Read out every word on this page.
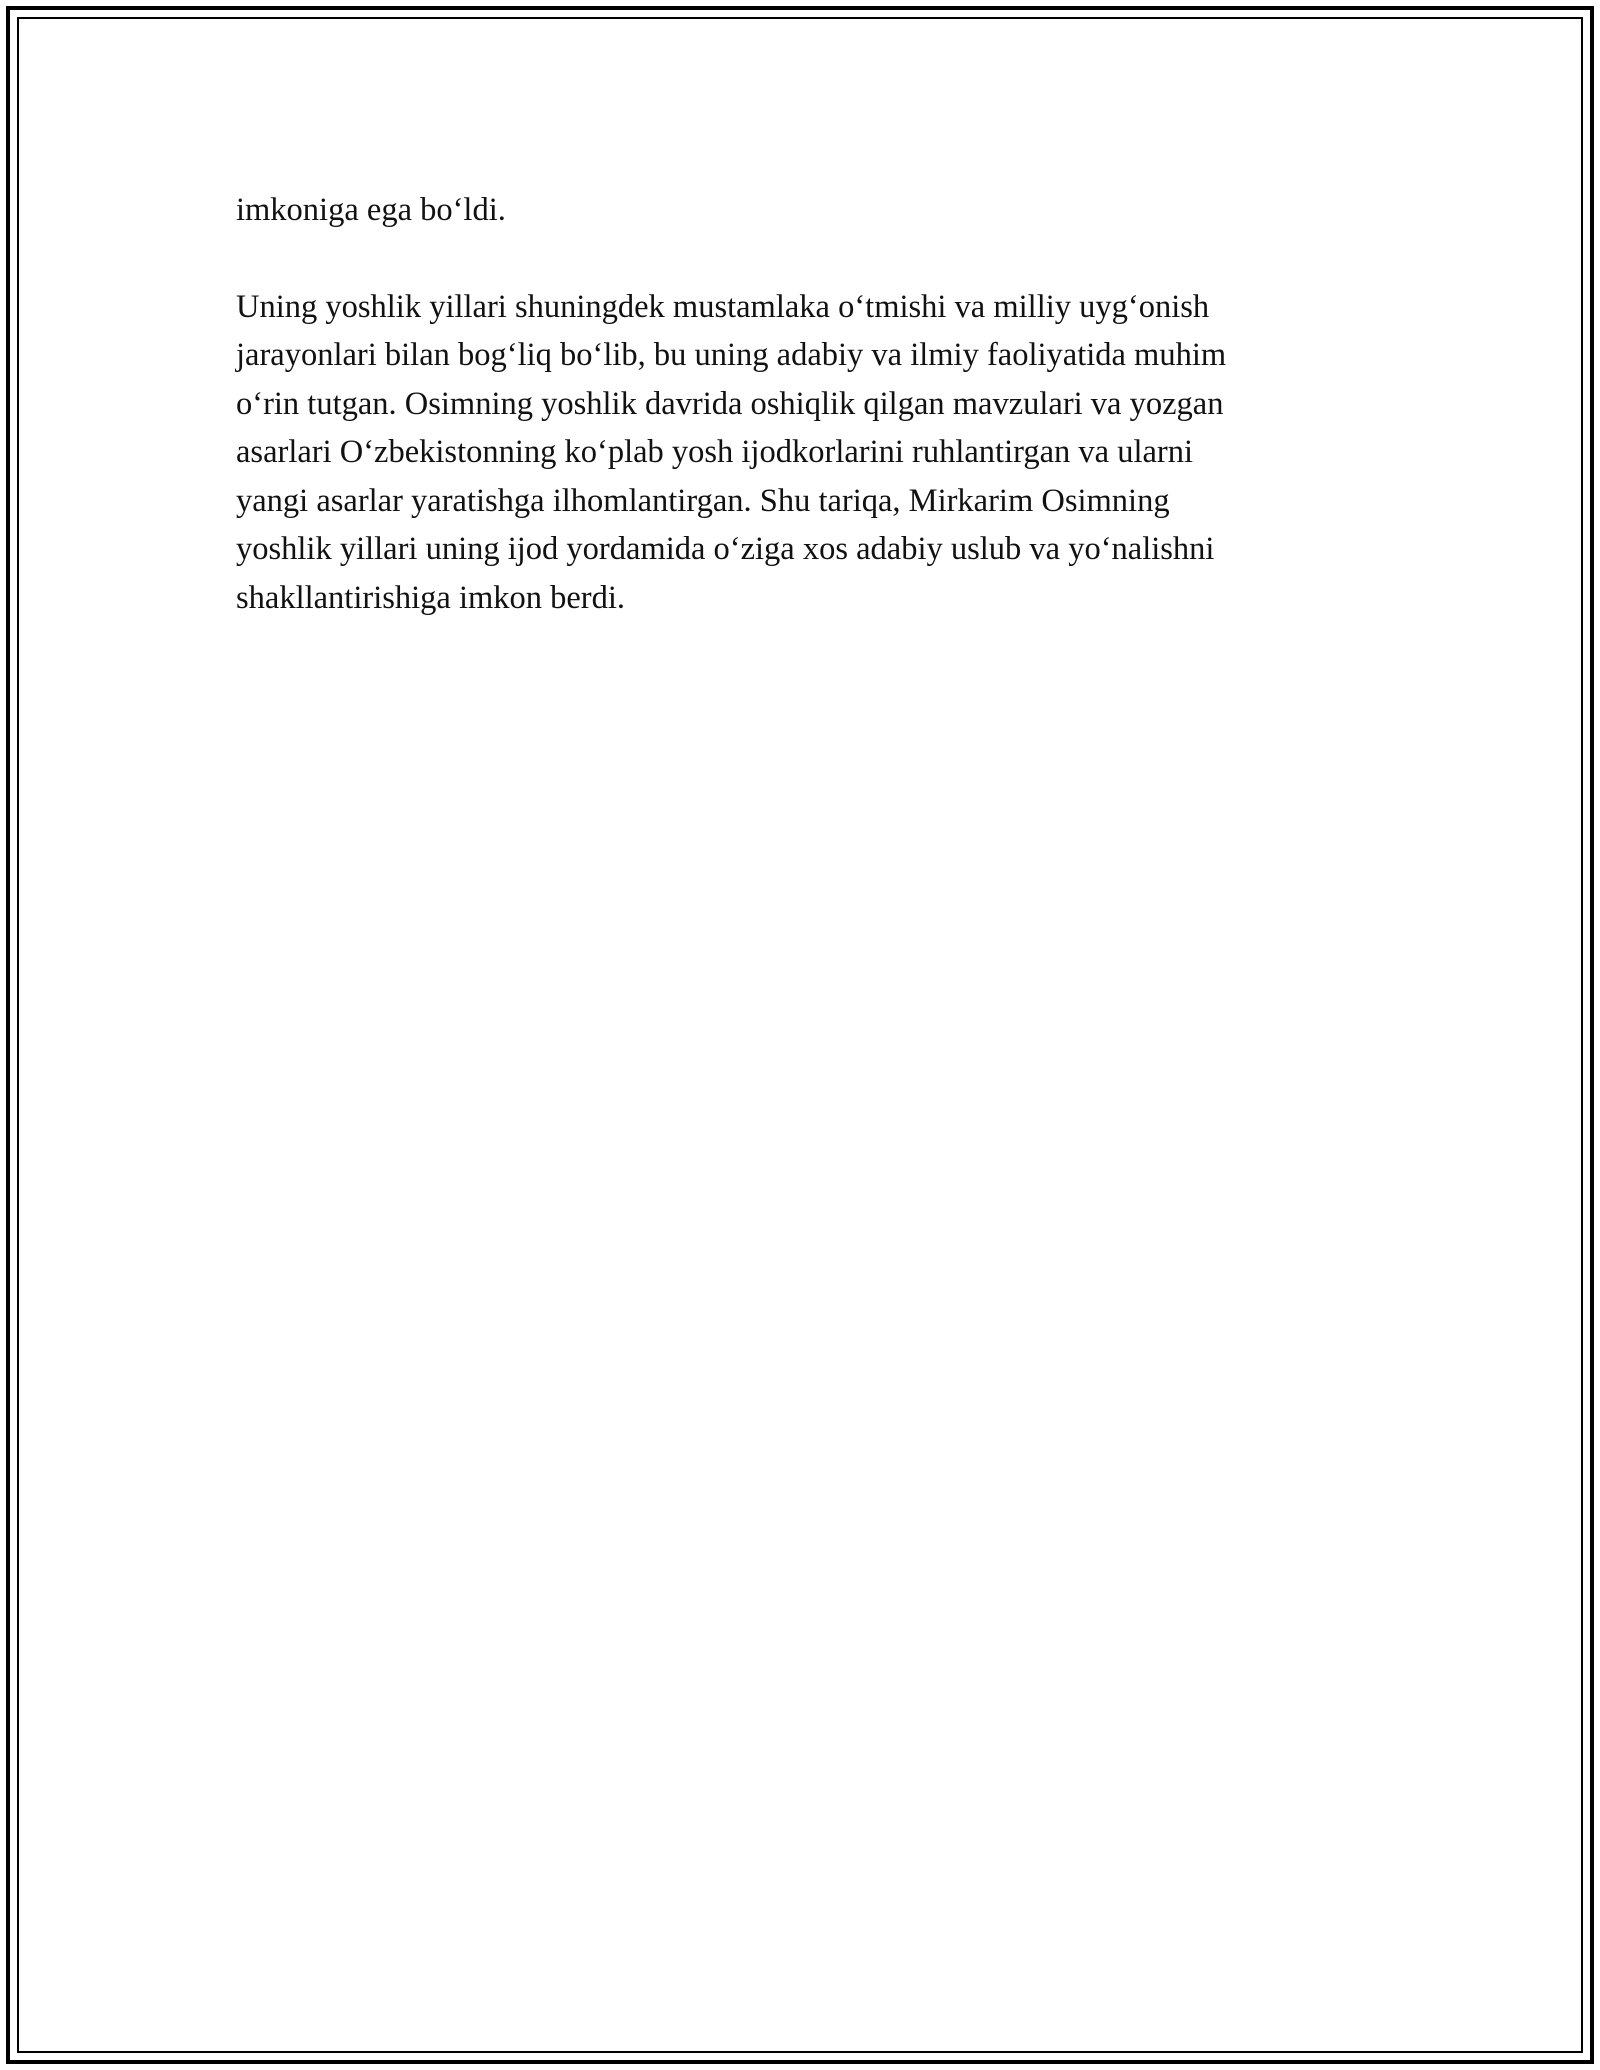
imkoniga ega bo‘ldi.

Uning yoshlik yillari shuningdek mustamlaka o‘tmishi va milliy uyg‘onish
jarayonlari bilan bog‘liq bo‘lib, bu uning adabiy va ilmiy faoliyatida muhim
o‘rin tutgan. Osimning yoshlik davrida oshiqlik qilgan mavzulari va yozgan
asarlari O‘zbekistonning ko‘plab yosh ijodkorlarini ruhlantirgan va ularni
yangi asarlar yaratishga ilhomlantirgan. Shu tariqa, Mirkarim Osimning
yoshlik yillari uning ijod yordamida o‘ziga xos adabiy uslub va yo‘nalishni
shakllantirishiga imkon berdi.
